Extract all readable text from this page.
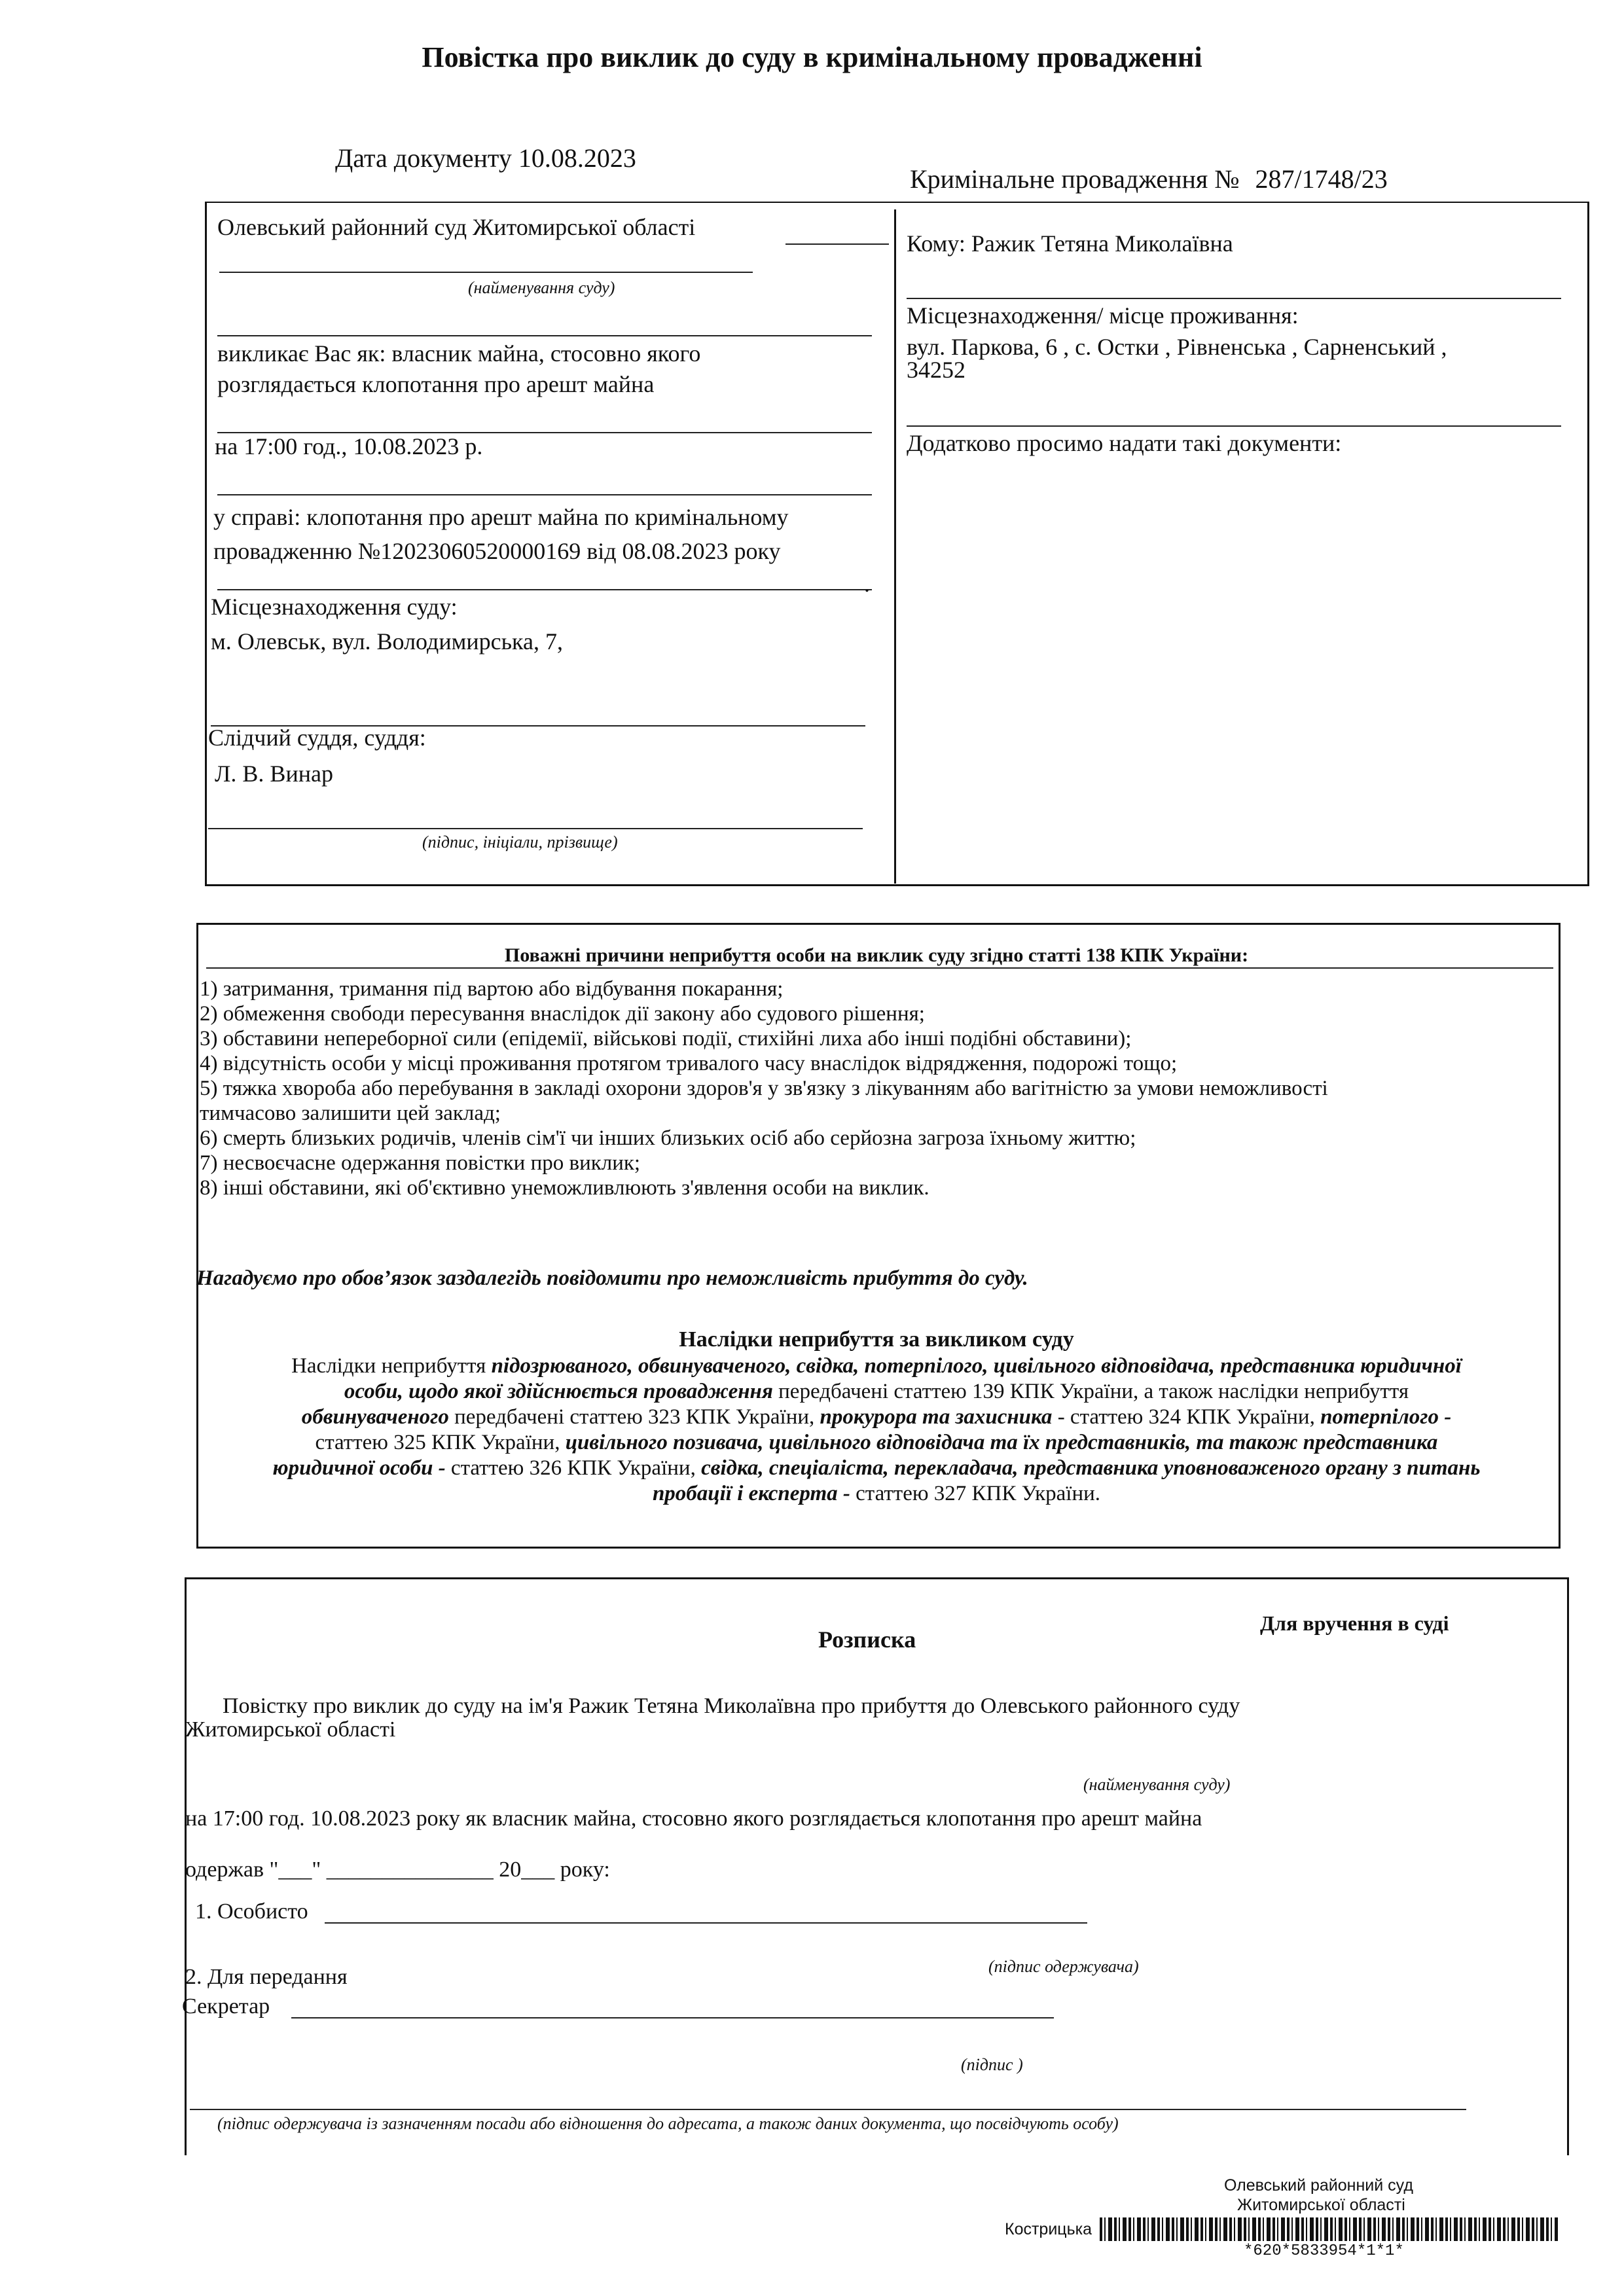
Повістка про виклик до суду в кримінальному провадженні
Дата документу 10.08.2023
Кримінальне провадження № 287/1748/23
Олевський районний суд Житомирської області
(найменування суду)
викликає Вас як: власник майна, стосовно якого
розглядається клопотання про арешт майна
на 17:00 год., 10.08.2023 р.
у справі: клопотання про арешт майна по кримінальному
провадженню №12023060520000169 від 08.08.2023 року
.
Місцезнаходження суду:
м. Олевськ, вул. Володимирська, 7,
Слідчий суддя, суддя:
Л. В. Винар
(підпис, ініціали, прізвище)
Кому: Ражик Тетяна Миколаївна
Місцезнаходження/ місце проживання:
вул. Паркова, 6 , с. Остки , Рівненська , Сарненський ,
34252
Додатково просимо надати такі документи:
Поважні причини неприбуття особи на виклик суду згідно статті 138 КПК України:
1) затримання, тримання під вартою або відбування покарання;
2) обмеження свободи пересування внаслідок дії закону або судового рішення;
3) обставини непереборної сили (епідемії, військові події, стихійні лиха або інші подібні обставини);
4) відсутність особи у місці проживання протягом тривалого часу внаслідок відрядження, подорожі тощо;
5) тяжка хвороба або перебування в закладі охорони здоров'я у зв'язку з лікуванням або вагітністю за умови неможливості
тимчасово залишити цей заклад;
6) смерть близьких родичів, членів сім'ї чи інших близьких осіб або серйозна загроза їхньому життю;
7) несвоєчасне одержання повістки про виклик;
8) інші обставини, які об'єктивно унеможливлюють з'явлення особи на виклик.
Нагадуємо про обов’язок заздалегідь повідомити про неможливість прибуття до суду.
Наслідки неприбуття за викликом суду
Наслідки неприбуття підозрюваного, обвинуваченого, свідка, потерпілого, цивільного відповідача, представника юридичної
особи, щодо якої здійснюється провадження передбачені статтею 139 КПК України, а також наслідки неприбуття
обвинуваченого передбачені статтею 323 КПК України, прокурора та захисника - статтею 324 КПК України, потерпілого -
статтею 325 КПК України, цивільного позивача, цивільного відповідача та їх представників, та також представника
юридичної особи - статтею 326 КПК України, свідка, спеціаліста, перекладача, представника уповноваженого органу з питань
пробації і експерта - статтею 327 КПК України.
Розписка
Для вручення в суді
Повістку про виклик до суду на ім'я Ражик Тетяна Миколаївна про прибуття до Олевського районного суду
Житомирської області
(найменування суду)
на 17:00 год. 10.08.2023 року як власник майна, стосовно якого розглядається клопотання про арешт майна
одержав "___" _______________ 20___ року:
1. Особисто
(підпис одержувача)
2. Для передання
Секретар
(підпис )
(підпис одержувача із зазначенням посади або відношення до адресата, а також даних документа, що посвідчують особу)
Олевський районний суд
Житомирської області
Кострицька
*620*5833954*1*1*
